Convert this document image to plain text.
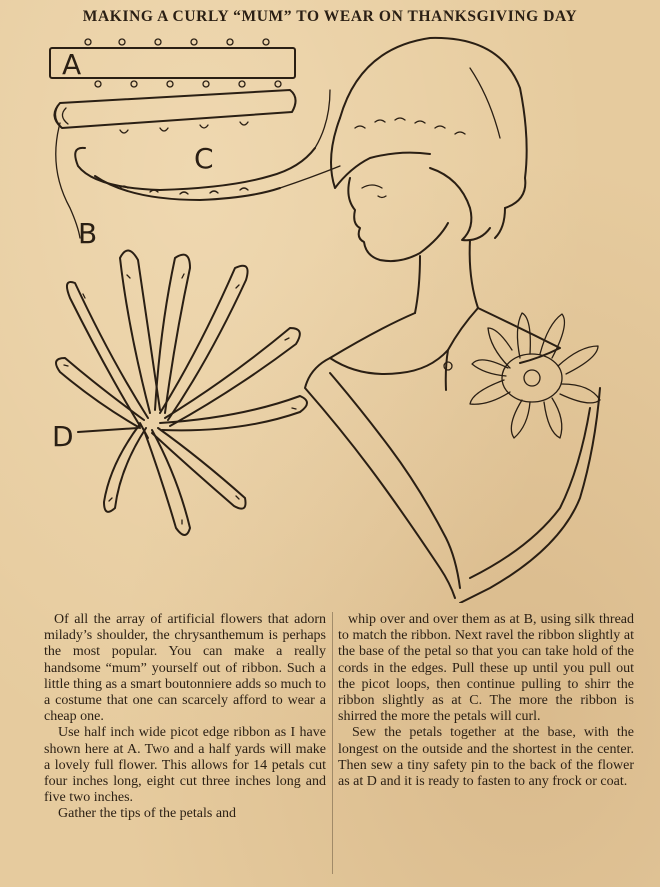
MAKING A CURLY “MUM” TO WEAR ON THANKSGIVING DAY
A
B
C
D

Of all the array of artificial flowers that adorn milady’s shoulder, the chrysanthemum is perhaps the most popular. You can make a really handsome “mum” yourself out of ribbon. Such a little thing as a smart boutonniere adds so much to a costume that one can scarcely afford to wear a cheap one.

Use half inch wide picot edge ribbon as I have shown here at A. Two and a half yards will make a lovely full flower. This allows for 14 petals cut four inches long, eight cut three inches long and five two inches.

Gather the tips of the petals and

whip over and over them as at B, using silk thread to match the ribbon. Next ravel the ribbon slightly at the base of the petal so that you can take hold of the cords in the edges. Pull these up until you pull out the picot loops, then continue pulling to shirr the ribbon slightly as at C. The more the ribbon is shirred the more the petals will curl.

Sew the petals together at the base, with the longest on the outside and the shortest in the center. Then sew a tiny safety pin to the back of the flower as at D and it is ready to fasten to any frock or coat.
